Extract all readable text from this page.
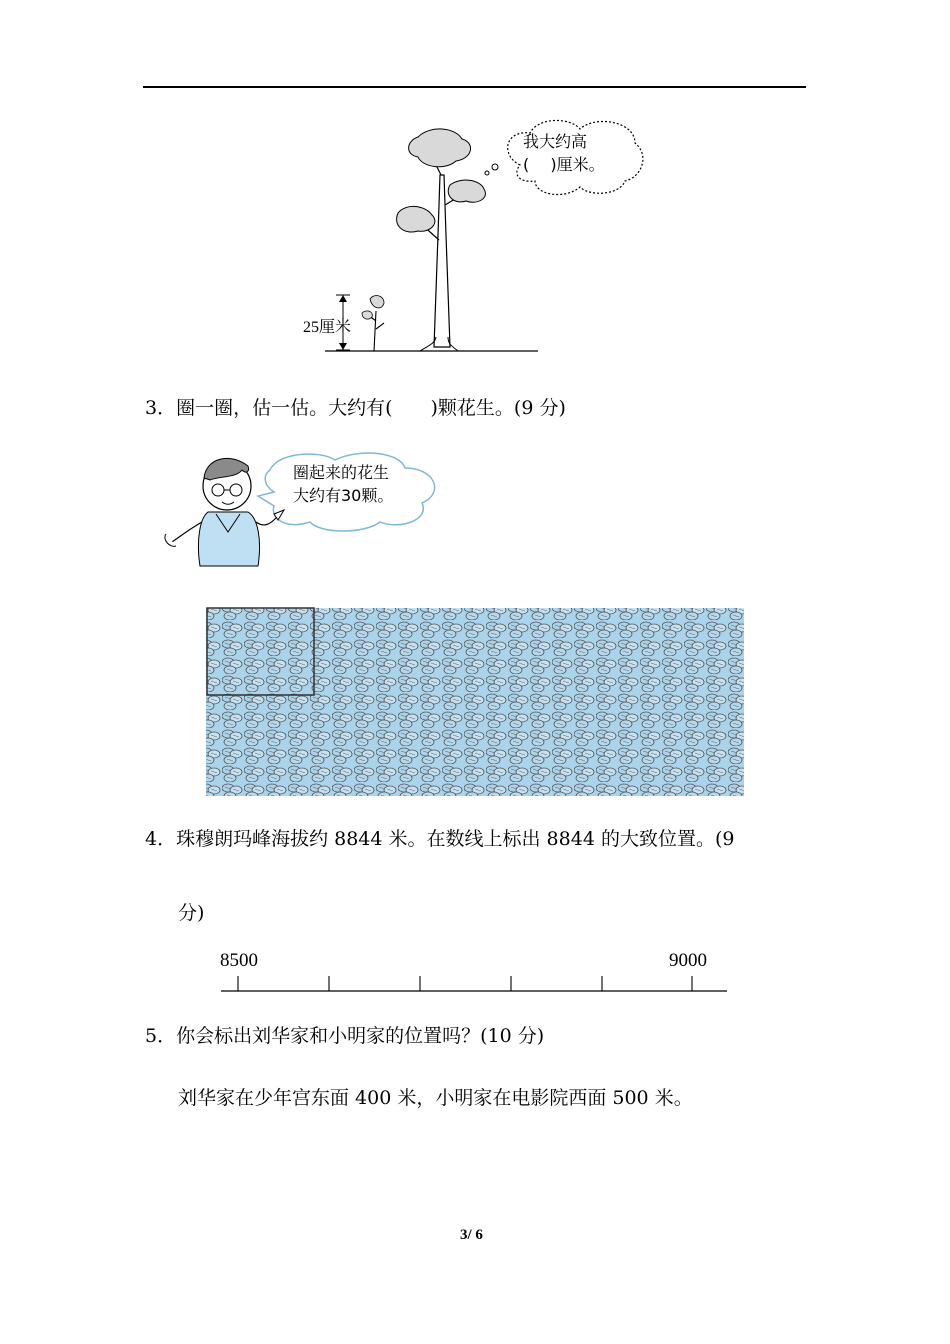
我大约高
(　 )厘米。
25厘米
3．圈一圈，估一估。大约有(　　)颗花生。(9 分)
圈起来的花生
大约有30颗。
4．珠穆朗玛峰海拔约 8844 米。在数线上标出 8844 的大致位置。(9
分)
8500	9000
5．你会标出刘华家和小明家的位置吗？(10 分)
刘华家在少年宫东面 400 米，小明家在电影院西面 500 米。
3/ 6
